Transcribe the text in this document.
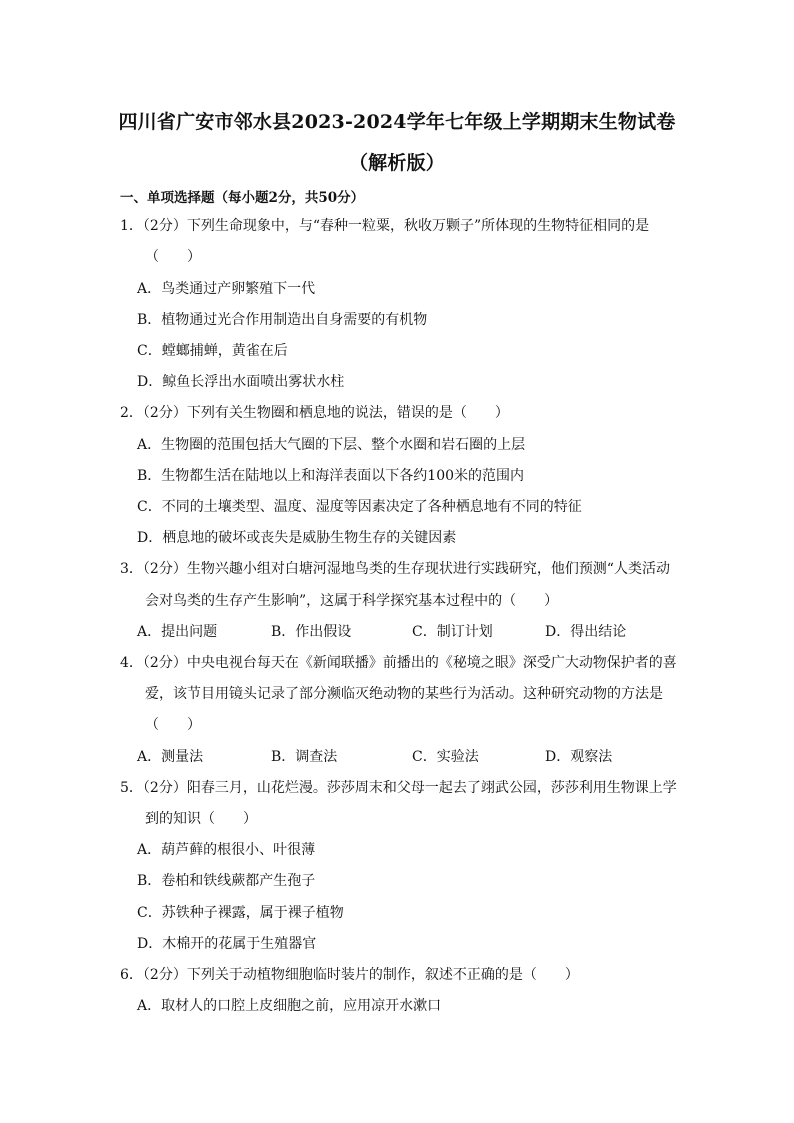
四川省广安市邻水县2023-2024学年七年级上学期期末生物试卷
（解析版）
一、单项选择题（每小题2分，共50分）
1．（2分）下列生命现象中，与“春种一粒粟，秋收万颗子”所体现的生物特征相同的是
（　　）
A．鸟类通过产卵繁殖下一代
B．植物通过光合作用制造出自身需要的有机物
C．螳螂捕蝉，黄雀在后
D．鲸鱼长浮出水面喷出雾状水柱
2．（2分）下列有关生物圈和栖息地的说法，错误的是（　　）
A．生物圈的范围包括大气圈的下层、整个水圈和岩石圈的上层
B．生物都生活在陆地以上和海洋表面以下各约100米的范围内
C．不同的土壤类型、温度、湿度等因素决定了各种栖息地有不同的特征
D．栖息地的破坏或丧失是威胁生物生存的关键因素
3．（2分）生物兴趣小组对白塘河湿地鸟类的生存现状进行实践研究，他们预测“人类活动
会对鸟类的生存产生影响”，这属于科学探究基本过程中的（　　）
A．提出问题	B．作出假设	C．制订计划	D．得出结论
4．（2分）中央电视台每天在《新闻联播》前播出的《秘境之眼》深受广大动物保护者的喜
爱，该节目用镜头记录了部分濒临灭绝动物的某些行为活动。这种研究动物的方法是
（　　）
A．测量法	B．调查法	C．实验法	D．观察法
5．（2分）阳春三月，山花烂漫。莎莎周末和父母一起去了翊武公园，莎莎利用生物课上学
到的知识（　　）
A．葫芦藓的根很小、叶很薄
B．卷柏和铁线蕨都产生孢子
C．苏铁种子裸露，属于裸子植物
D．木棉开的花属于生殖器官
6．（2分）下列关于动植物细胞临时装片的制作，叙述不正确的是（　　）
A．取材人的口腔上皮细胞之前，应用凉开水漱口
